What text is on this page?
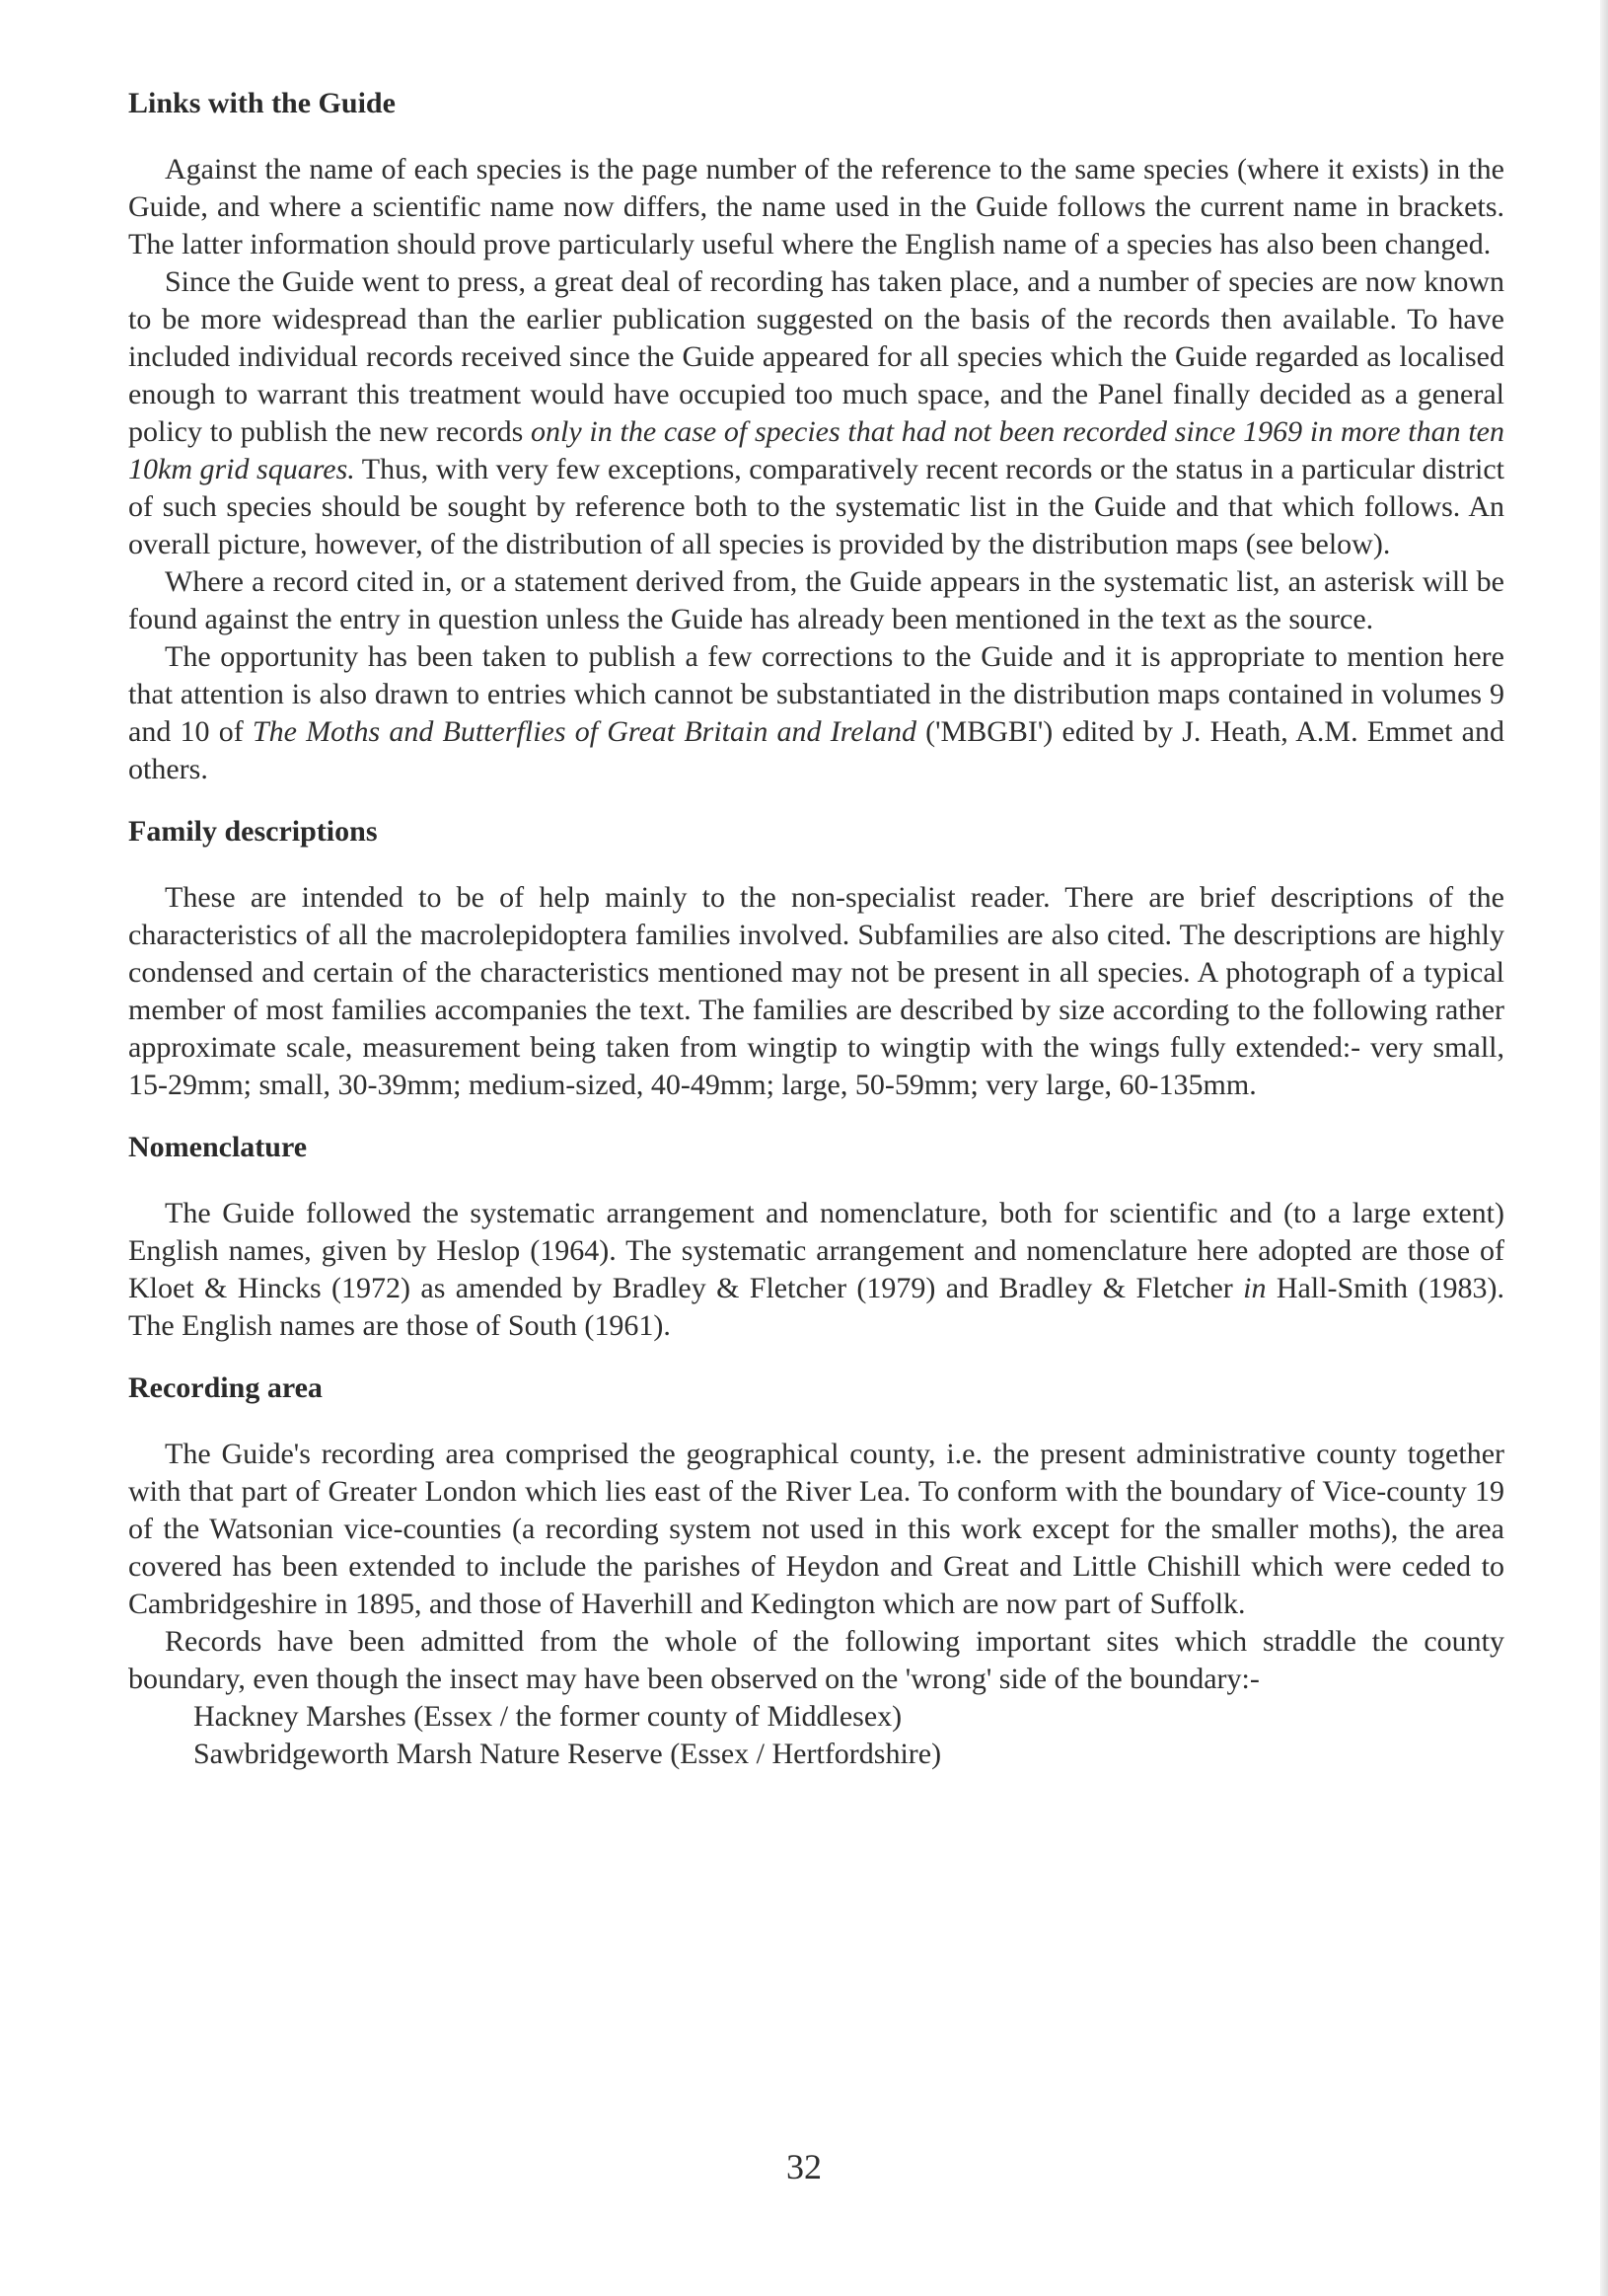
Links with the Guide

Against the name of each species is the page number of the reference to the same species (where it exists) in the Guide, and where a scientific name now differs, the name used in the Guide follows the current name in brackets. The latter information should prove particularly useful where the English name of a species has also been changed.

Since the Guide went to press, a great deal of recording has taken place, and a number of species are now known to be more widespread than the earlier publication suggested on the basis of the records then available. To have included individual records received since the Guide appeared for all species which the Guide regarded as localised enough to warrant this treatment would have occupied too much space, and the Panel finally decided as a general policy to publish the new records only in the case of species that had not been recorded since 1969 in more than ten 10km grid squares. Thus, with very few exceptions, comparatively recent records or the status in a particular district of such species should be sought by reference both to the systematic list in the Guide and that which follows. An overall picture, however, of the distribution of all species is provided by the distribution maps (see below).

Where a record cited in, or a statement derived from, the Guide appears in the systematic list, an asterisk will be found against the entry in question unless the Guide has already been mentioned in the text as the source.

The opportunity has been taken to publish a few corrections to the Guide and it is appropriate to mention here that attention is also drawn to entries which cannot be substantiated in the distribution maps contained in volumes 9 and 10 of The Moths and Butterflies of Great Britain and Ireland ('MBGBI') edited by J. Heath, A.M. Emmet and others.

Family descriptions

These are intended to be of help mainly to the non-specialist reader. There are brief descriptions of the characteristics of all the macrolepidoptera families involved. Subfamilies are also cited. The descriptions are highly condensed and certain of the characteristics mentioned may not be present in all species. A photograph of a typical member of most families accompanies the text. The families are described by size according to the following rather approximate scale, measurement being taken from wingtip to wingtip with the wings fully extended:- very small, 15-29mm; small, 30-39mm; medium-sized, 40-49mm; large, 50-59mm; very large, 60-135mm.

Nomenclature

The Guide followed the systematic arrangement and nomenclature, both for scientific and (to a large extent) English names, given by Heslop (1964). The systematic arrangement and nomenclature here adopted are those of Kloet & Hincks (1972) as amended by Bradley & Fletcher (1979) and Bradley & Fletcher in Hall-Smith (1983). The English names are those of South (1961).

Recording area

The Guide's recording area comprised the geographical county, i.e. the present administrative county together with that part of Greater London which lies east of the River Lea. To conform with the boundary of Vice-county 19 of the Watsonian vice-counties (a recording system not used in this work except for the smaller moths), the area covered has been extended to include the parishes of Heydon and Great and Little Chishill which were ceded to Cambridgeshire in 1895, and those of Haverhill and Kedington which are now part of Suffolk.

Records have been admitted from the whole of the following important sites which straddle the county boundary, even though the insect may have been observed on the 'wrong' side of the boundary:-

Hackney Marshes (Essex / the former county of Middlesex)
Sawbridgeworth Marsh Nature Reserve (Essex / Hertfordshire)
32
